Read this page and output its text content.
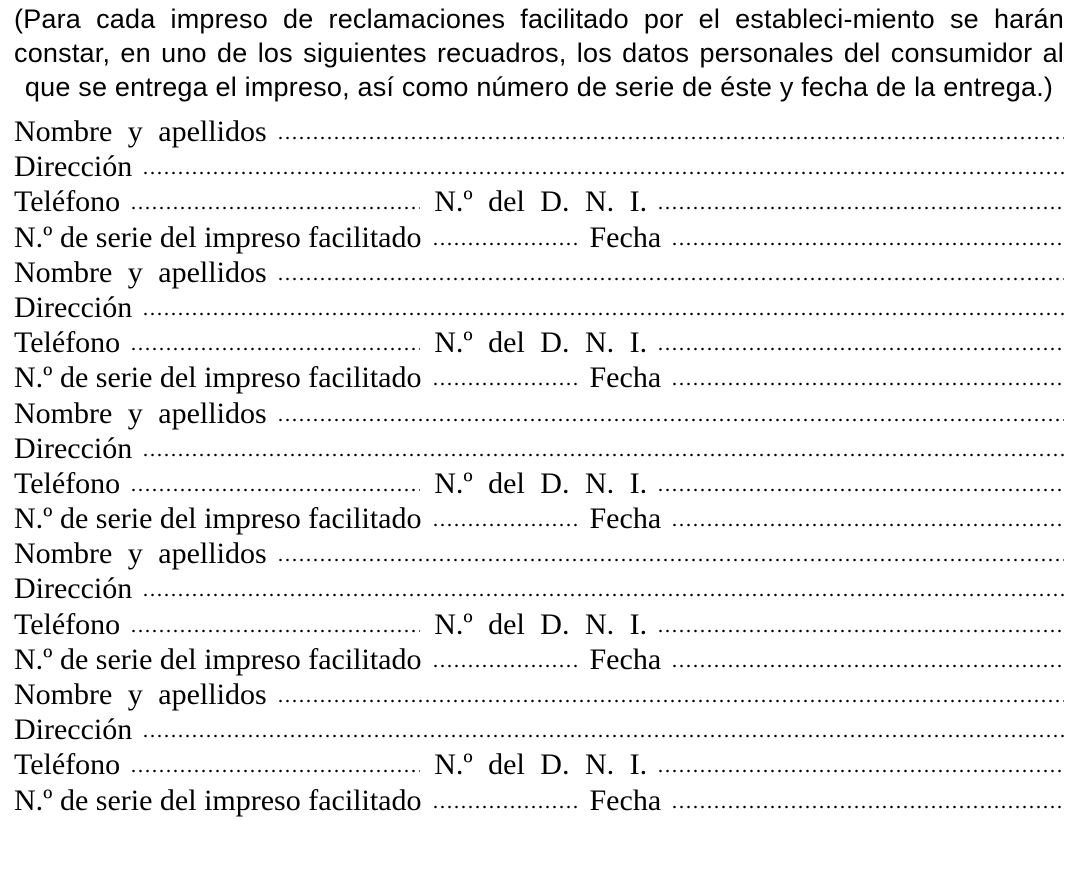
(Para cada impreso de reclamaciones facilitado por el estableci-miento se harán constar, en uno de los siguientes recuadros, los datos personales del consumidor al que se entrega el impreso, así como número de serie de éste y fecha de la entrega.)

Nombre y apellidos
Dirección
Teléfono	N.º del D. N. I.
N.º de serie del impreso facilitado	Fecha
Nombre y apellidos
Dirección
Teléfono	N.º del D. N. I.
N.º de serie del impreso facilitado	Fecha
Nombre y apellidos
Dirección
Teléfono	N.º del D. N. I.
N.º de serie del impreso facilitado	Fecha
Nombre y apellidos
Dirección
Teléfono	N.º del D. N. I.
N.º de serie del impreso facilitado	Fecha
Nombre y apellidos
Dirección
Teléfono	N.º del D. N. I.
N.º de serie del impreso facilitado	Fecha
